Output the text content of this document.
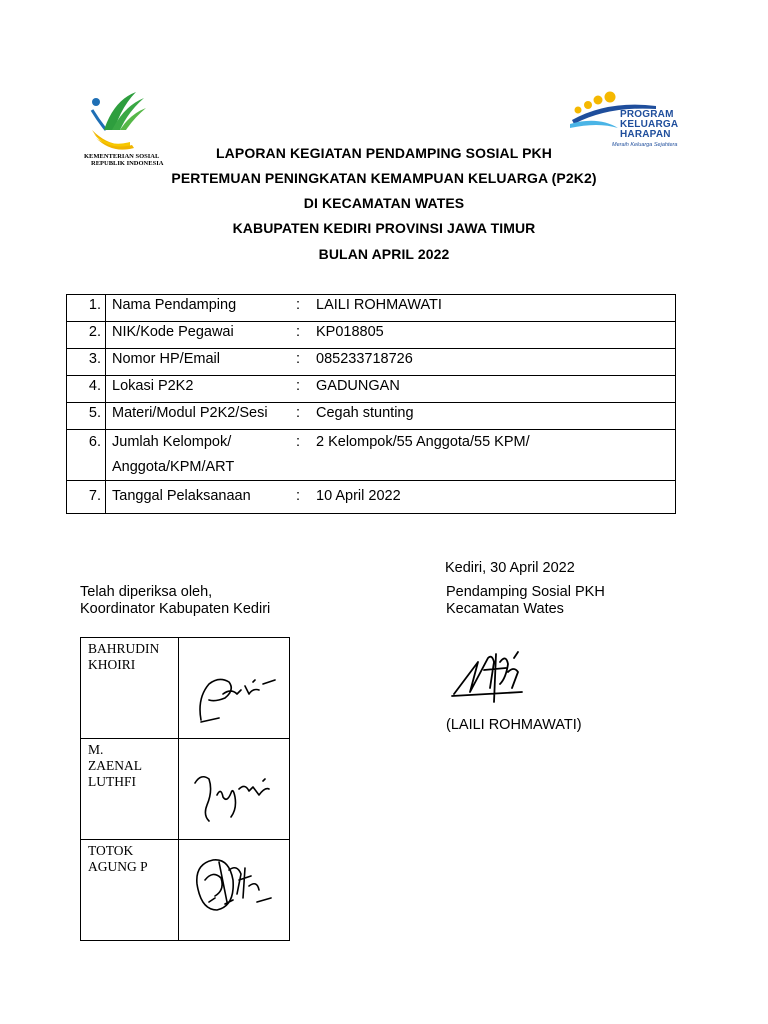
KEMENTERIAN SOSIAL
REPUBLIK INDONESIA
PROGRAM
KELUARGA
HARAPAN
Meraih Keluarga Sejahtera
LAPORAN KEGIATAN PENDAMPING SOSIAL PKH
PERTEMUAN PENINGKATAN KEMAMPUAN KELUARGA (P2K2)
DI KECAMATAN WATES
KABUPATEN KEDIRI PROVINSI JAWA TIMUR
BULAN APRIL 2022
1.	Nama Pendamping	:	LAILI ROHMAWATI
2.	NIK/Kode Pegawai	:	KP018805
3.	Nomor HP/Email	:	085233718726
4.	Lokasi P2K2	:	GADUNGAN
5.	Materi/Modul P2K2/Sesi	:	Cegah stunting
6.	Jumlah Kelompok/
Anggota/KPM/ART	:	2 Kelompok/55 Anggota/55 KPM/
7.	Tanggal Pelaksanaan	:	10 April 2022
Kediri, 30 April 2022
Pendamping Sosial PKH
Kecamatan Wates
(LAILI ROHMAWATI)
Telah diperiksa oleh,
Koordinator Kabupaten Kediri
BAHRUDIN
KHOIRI

M.
ZAENAL
LUTHFI

TOTOK
AGUNG P
